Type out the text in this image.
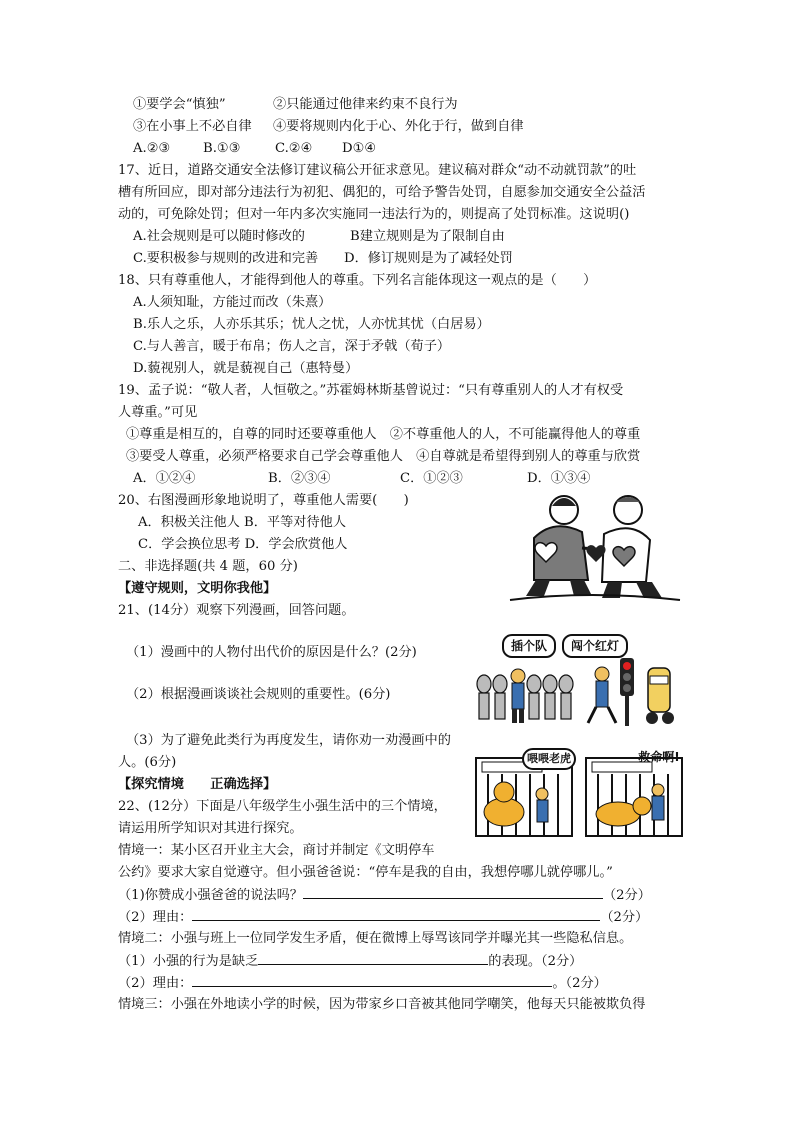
①要学会“慎独”	②只能通过他律来约束不良行为
③在小事上不必自律 ④要将规则内化于心、外化于行，做到自律
A.②③ B.①③	C.②④ D①④
17、近日，道路交通安全法修订建议稿公开征求意见。建议稿对群众“动不动就罚款”的吐
槽有所回应，即对部分违法行为初犯、偶犯的，可给予警告处罚，自愿参加交通安全公益活
动的，可免除处罚；但对一年内多次实施同一违法行为的，则提高了处罚标准。这说明()
A.社会规则是可以随时修改的	B建立规则是为了限制自由
C.要积极参与规则的改进和完善 D．修订规则是为了减轻处罚
18、只有尊重他人，才能得到他人的尊重。下列名言能体现这一观点的是（　　）
A.人须知耻，方能过而改（朱熹）
B.乐人之乐，人亦乐其乐；忧人之忧，人亦忧其忧（白居易）
C.与人善言，暖于布帛；伤人之言，深于矛戟（荀子）
D.藐视别人，就是藐视自己（惠特曼）
19、孟子说：“敬人者，人恒敬之。”苏霍姆林斯基曾说过：“只有尊重别人的人才有权受
人尊重。”可见
①尊重是相互的，自尊的同时还要尊重他人　②不尊重他人的人，不可能赢得他人的尊重
③要受人尊重，必须严格要求自己学会尊重他人　④自尊就是希望得到别人的尊重与欣赏
A．①②④	B．②③④	C．①②③	D．①③④
20、右图漫画形象地说明了，尊重他人需要(　　)
A．积极关注他人 B．平等对待他人
C．学会换位思考 D．学会欣赏他人
二、非选择题(共 4 题，60 分)
【遵守规则，文明你我他】
21、(14分）观察下列漫画，回答问题。
（1）漫画中的人物付出代价的原因是什么？(2分)
（2）根据漫画谈谈社会规则的重要性。(6分)
（3）为了避免此类行为再度发生，请你劝一劝漫画中的
人。(6分)
插个队	闯个红灯
喂喂老虎	救命啊!
【探究情境　　正确选择】
22、(12分）下面是八年级学生小强生活中的三个情境，
请运用所学知识对其进行探究。
情境一：某小区召开业主大会，商讨并制定《文明停车
公约》要求大家自觉遵守。但小强爸爸说：“停车是我的自由，我想停哪儿就停哪儿。”
（1)你赞成小强爸爸的说法吗？	（2分）
（2）理由：	（2分）
情境二：小强与班上一位同学发生矛盾，便在微博上辱骂该同学并曝光其一些隐私信息。
（1）小强的行为是缺乏	的表现。（2分）
（2）理由：	。（2分）
情境三：小强在外地读小学的时候，因为带家乡口音被其他同学嘲笑，他每天只能被欺负得
